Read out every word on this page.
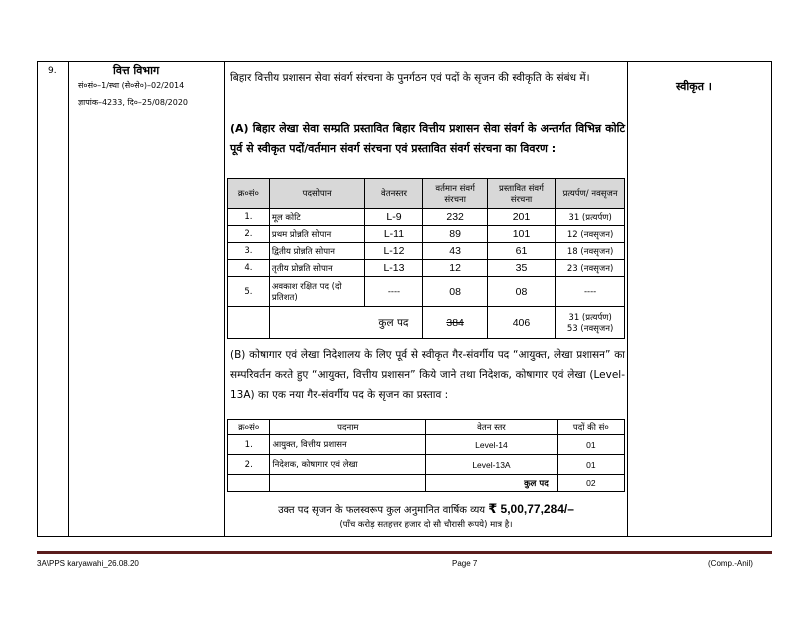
9.	वित्त विभाग
सं०सं०–1/स्था (से०से०)–02/2014
ज्ञापांक–4233, दि०–25/08/2020
बिहार वित्तीय प्रशासन सेवा संवर्ग संरचना के पुनर्गठन एवं पदों के सृजन की स्वीकृति के संबंध में।
स्वीकृत ।
(A) बिहार लेखा सेवा सम्प्रति प्रस्तावित बिहार वित्तीय प्रशासन सेवा संवर्ग के अन्तर्गत विभिन्न कोटि पूर्व से स्वीकृत पदों/वर्तमान संवर्ग संरचना एवं प्रस्तावित संवर्ग संरचना का विवरण :
क्र०सं०	पदसोपान	वेतनस्तर	वर्तमान संवर्ग संरचना	प्रस्तावित संवर्ग संरचना	प्रत्यर्पण/ नवसृजन
1.	मूल कोटि	L-9	232	201	31 (प्रत्यर्पण)
2.	प्रथम प्रोन्नति सोपान	L-11	89	101	12 (नवसृजन)
3.	द्वितीय प्रोन्नति सोपान	L-12	43	61	18 (नवसृजन)
4.	तृतीय प्रोन्नति सोपान	L-13	12	35	23 (नवसृजन)
5.	अवकाश रक्षित पद (दो प्रतिशत)	----	08	08	----
	कुल पद		384	406	31 (प्रत्यर्पण)
53 (नवसृजन)
(B) कोषागार एवं लेखा निदेशालय के लिए पूर्व से स्वीकृत गैर-संवर्गीय पद “आयुक्त, लेखा प्रशासन” का सम्परिवर्तन करते हुए “आयुक्त, वित्तीय प्रशासन” किये जाने तथा निदेशक, कोषागार एवं लेखा (Level-13A) का एक नया गैर-संवर्गीय पद के सृजन का प्रस्ताव :
क्र०सं०	पदनाम	वेतन स्तर	पदों की सं०
1.	आयुक्त, वित्तीय प्रशासन	Level-14	01
2.	निदेशक, कोषागार एवं लेखा	Level-13A	01
		कुल पद	02
उक्त पद सृजन के फलस्वरूप कुल अनुमानित वार्षिक व्यय ₹ 5,00,77,284/–
(पाँच करोड़ सतहत्तर हजार दो सौ चौरासी रूपये) मात्र है।
3A\PPS karyawahi_26.08.20	Page 7	(Comp.-Anil)
